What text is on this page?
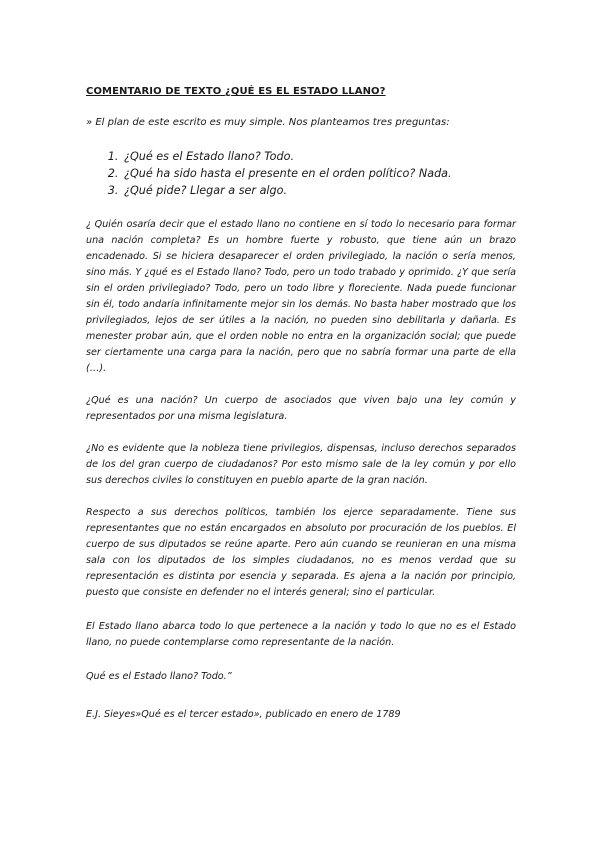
COMENTARIO DE TEXTO ¿QUÉ ES EL ESTADO LLANO?
» El plan de este escrito es muy simple. Nos planteamos tres preguntas:
1. ¿Qué es el Estado llano? Todo.
2. ¿Qué ha sido hasta el presente en el orden político? Nada.
3. ¿Qué pide? Llegar a ser algo.

¿ Quién osaría decir que el estado llano no contiene en sí todo lo necesario para formar una nación completa? Es un hombre fuerte y robusto, que tiene aún un brazo encadenado. Si se hiciera desaparecer el orden privilegiado, la nación o sería menos, sino más. Y ¿qué es el Estado llano? Todo, pero un todo trabado y oprimido. ¿Y que sería sin el orden privilegiado? Todo, pero un todo libre y floreciente. Nada puede funcionar sin él, todo andaría infinitamente mejor sin los demás. No basta haber mostrado que los privilegiados, lejos de ser útiles a la nación, no pueden sino debilitarla y dañarla. Es menester probar aún, que el orden noble no entra en la organización social; que puede ser ciertamente una carga para la nación, pero que no sabría formar una parte de ella (…).

¿Qué es una nación? Un cuerpo de asociados que viven bajo una ley común y representados por una misma legislatura.

¿No es evidente que la nobleza tiene privilegios, dispensas, incluso derechos separados de los del gran cuerpo de ciudadanos? Por esto mismo sale de la ley común y por ello sus derechos civiles lo constituyen en pueblo aparte de la gran nación.

Respecto a sus derechos políticos, también los ejerce separadamente. Tiene sus representantes que no están encargados en absoluto por procuración de los pueblos. El cuerpo de sus diputados se reúne aparte. Pero aún cuando se reunieran en una misma sala con los diputados de los simples ciudadanos, no es menos verdad que su representación es distinta por esencia y separada. Es ajena a la nación por principio, puesto que consiste en defender no el interés general; sino el particular.

El Estado llano abarca todo lo que pertenece a la nación y todo lo que no es el Estado llano, no puede contemplarse como representante de la nación.

Qué es el Estado llano? Todo.”

E.J. Sieyes»Qué es el tercer estado», publicado en enero de 1789
